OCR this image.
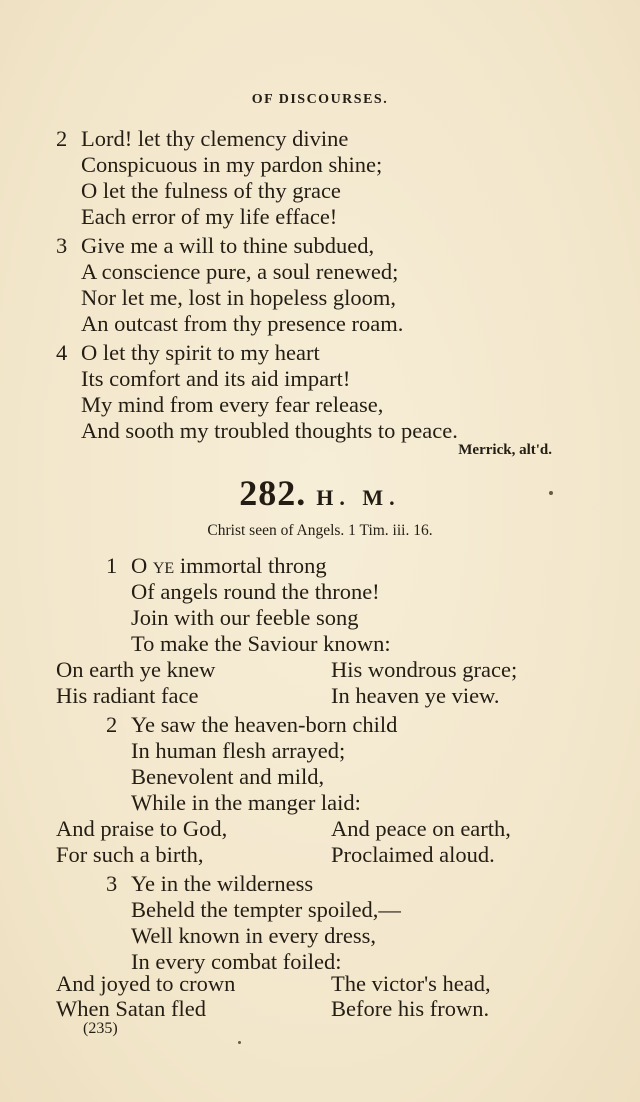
OF DISCOURSES.
2 Lord! let thy clemency divine
Conspicuous in my pardon shine;
O let the fulness of thy grace
Each error of my life efface!
3 Give me a will to thine subdued,
A conscience pure, a soul renewed;
Nor let me, lost in hopeless gloom,
An outcast from thy presence roam.
4 O let thy spirit to my heart
Its comfort and its aid impart!
My mind from every fear release,
And sooth my troubled thoughts to peace.
Merrick, alt'd.
282. H. M.
Christ seen of Angels. 1 Tim. iii. 16.
1 O ye immortal throng
Of angels round the throne!
Join with our feeble song
To make the Saviour known:
On earth ye knew	His wondrous grace;
His radiant face	In heaven ye view.
2 Ye saw the heaven-born child
In human flesh arrayed;
Benevolent and mild,
While in the manger laid:
And praise to God,	And peace on earth,
For such a birth,	Proclaimed aloud.
3 Ye in the wilderness
Beheld the tempter spoiled,—
Well known in every dress,
In every combat foiled:
And joyed to crown	The victor's head,
When Satan fled	Before his frown.
(235)
